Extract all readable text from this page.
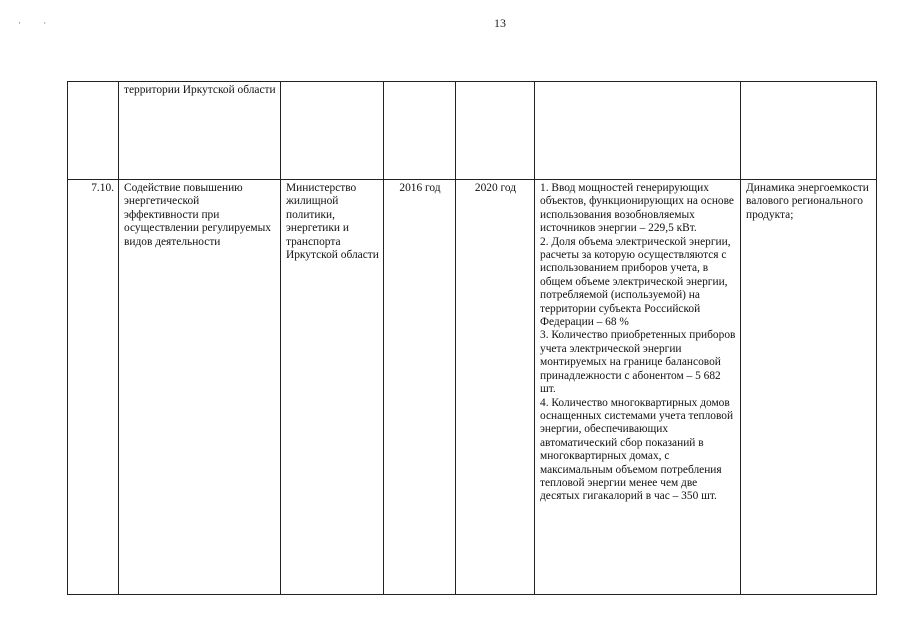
· ·	13
	территории Иркутской области					
7.10.	Содействие повышению энергетической эффективности при осуществлении регулируемых видов деятельности	Министерство жилищной политики, энергетики и транспорта Иркутской области	2016 год	2020 год	1. Ввод мощностей генерирующих объектов, функционирующих на основе использования возобновляемых источников энергии – 229,5 кВт.
2. Доля объема электрической энергии, расчеты за которую осуществляются с использованием приборов учета, в общем объеме электрической энергии, потребляемой (используемой) на территории субъекта Российской Федерации – 68 %
3. Количество приобретенных приборов учета электрической энергии монтируемых на границе балансовой принадлежности с абонентом – 5 682 шт.
4. Количество многоквартирных домов оснащенных системами учета тепловой энергии, обеспечивающих автоматический сбор показаний в многоквартирных домах, с максимальным объемом потребления тепловой энергии менее чем две десятых гигакалорий в час – 350 шт.	Динамика энергоемкости валового регионального продукта;
